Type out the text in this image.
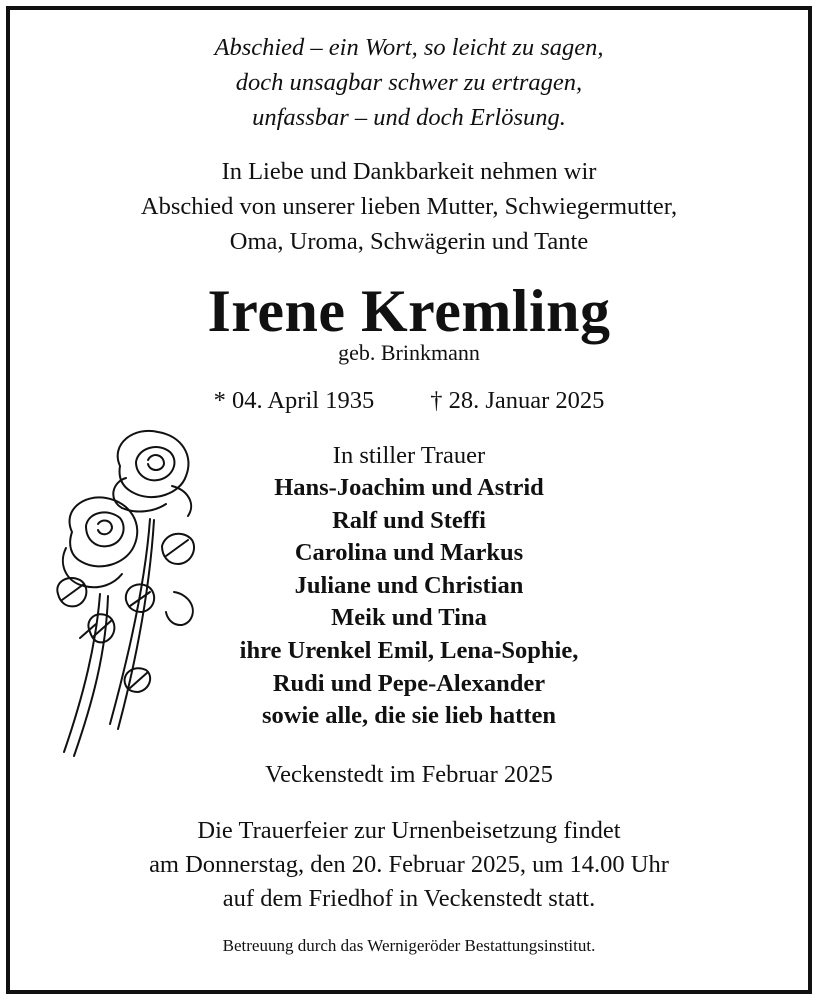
Abschied – ein Wort, so leicht zu sagen,
doch unsagbar schwer zu ertragen,
unfassbar – und doch Erlösung.
In Liebe und Dankbarkeit nehmen wir
Abschied von unserer lieben Mutter, Schwiegermutter,
Oma, Uroma, Schwägerin und Tante
Irene Kremling
geb. Brinkmann
* 04. April 1935 † 28. Januar 2025
In stiller Trauer
Hans-Joachim und Astrid
Ralf und Steffi
Carolina und Markus
Juliane und Christian
Meik und Tina
ihre Urenkel Emil, Lena-Sophie,
Rudi und Pepe-Alexander
sowie alle, die sie lieb hatten
Veckenstedt im Februar 2025
Die Trauerfeier zur Urnenbeisetzung findet
am Donnerstag, den 20. Februar 2025, um 14.00 Uhr
auf dem Friedhof in Veckenstedt statt.
Betreuung durch das Wernigeröder Bestattungsinstitut.
